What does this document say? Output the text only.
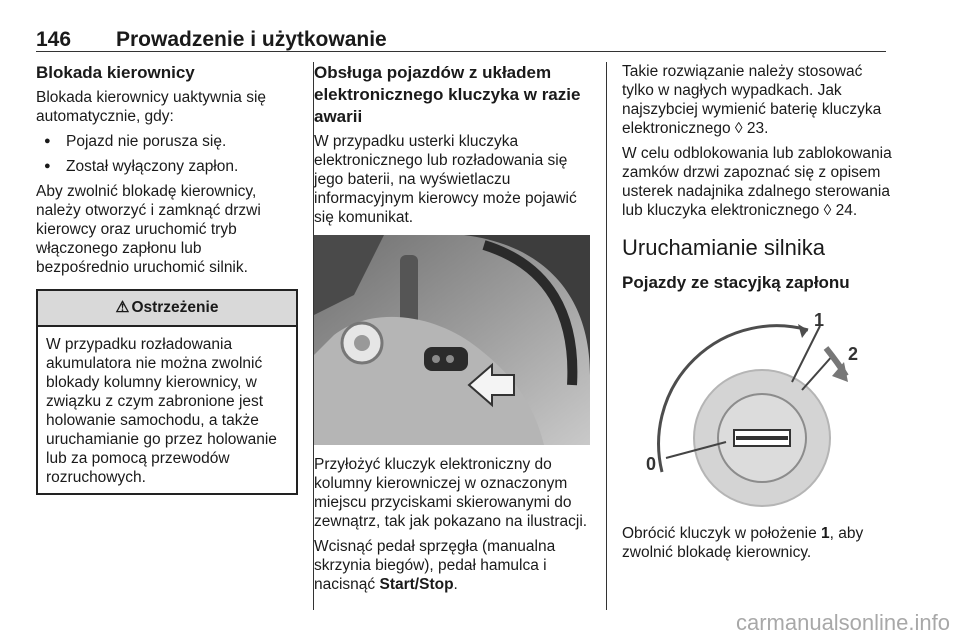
146 Prowadzenie i użytkowanie
Blokada kierownicy

Blokada kierownicy uaktywnia się automatycznie, gdy:

● Pojazd nie porusza się.
● Został wyłączony zapłon.

Aby zwolnić blokadę kierownicy, należy otworzyć i zamknąć drzwi kierowcy oraz uruchomić tryb włączonego zapłonu lub bezpośrednio uruchomić silnik.

⚠ Ostrzeżenie

W przypadku rozładowania akumulatora nie można zwolnić blokady kolumny kierownicy, w związku z czym zabronione jest holowanie samochodu, a także uruchamianie go przez holowanie lub za pomocą przewodów rozruchowych.

Obsługa pojazdów z układem elektronicznego kluczyka w razie awarii

W przypadku usterki kluczyka elektronicznego lub rozładowania się jego baterii, na wyświetlaczu informacyjnym kierowcy może pojawić się komunikat.

Przyłożyć kluczyk elektroniczny do kolumny kierowniczej w oznaczonym miejscu przyciskami skierowanymi do zewnątrz, tak jak pokazano na ilustracji.

Wcisnąć pedał sprzęgła (manualna skrzynia biegów), pedał hamulca i nacisnąć Start/Stop.

Takie rozwiązanie należy stosować tylko w nagłych wypadkach. Jak najszybciej wymienić baterię kluczyka elektronicznego ◊ 23.

W celu odblokowania lub zablokowania zamków drzwi zapoznać się z opisem usterek nadajnika zdalnego sterowania lub kluczyka elektronicznego ◊ 24.

Uruchamianie silnika
Pojazdy ze stacyjką zapłonu
0
1
2

Obrócić kluczyk w położenie 1, aby zwolnić blokadę kierownicy.

carmanualsonline.info
